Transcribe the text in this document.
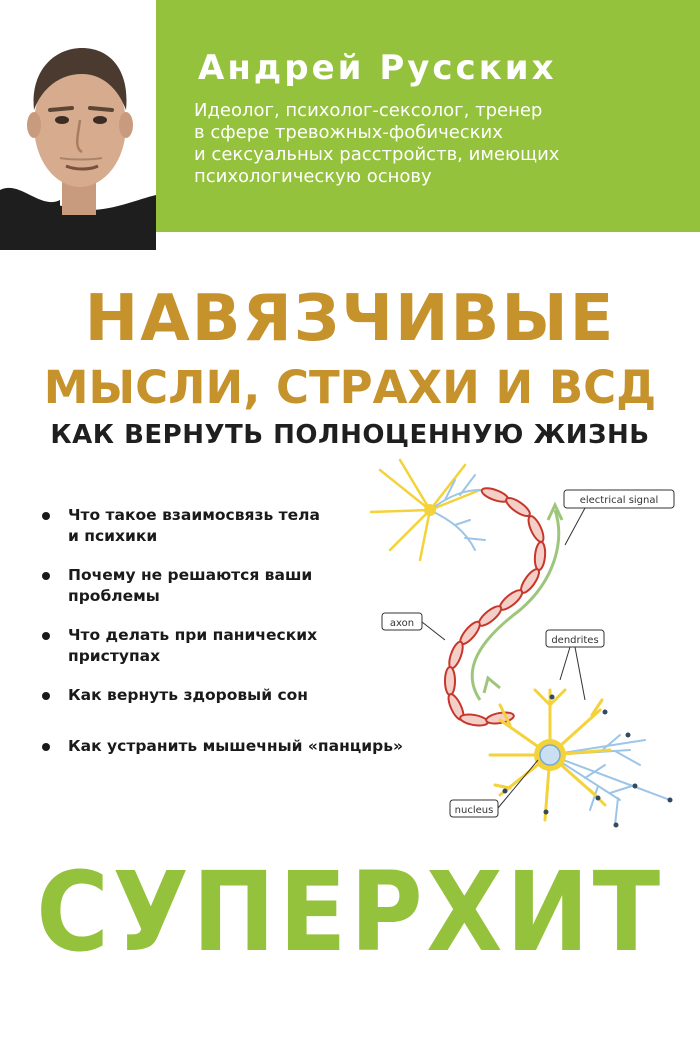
Андрей Русских
Идеолог, психолог-сексолог, тренер
в сфере тревожных-фобических
и сексуальных расстройств, имеющих
психологическую основу
НАВЯЗЧИВЫЕ
МЫСЛИ, СТРАХИ И ВСД
КАК ВЕРНУТЬ ПОЛНОЦЕННУЮ ЖИЗНЬ
electrical signal
axon
dendrites
nucleus
Что такое взаимосвязь тела
и психики
Почему не решаются ваши
проблемы
Что делать при панических
приступах
Как вернуть здоровый сон
Как устранить мышечный «панцирь»
СУПЕРХИТ
